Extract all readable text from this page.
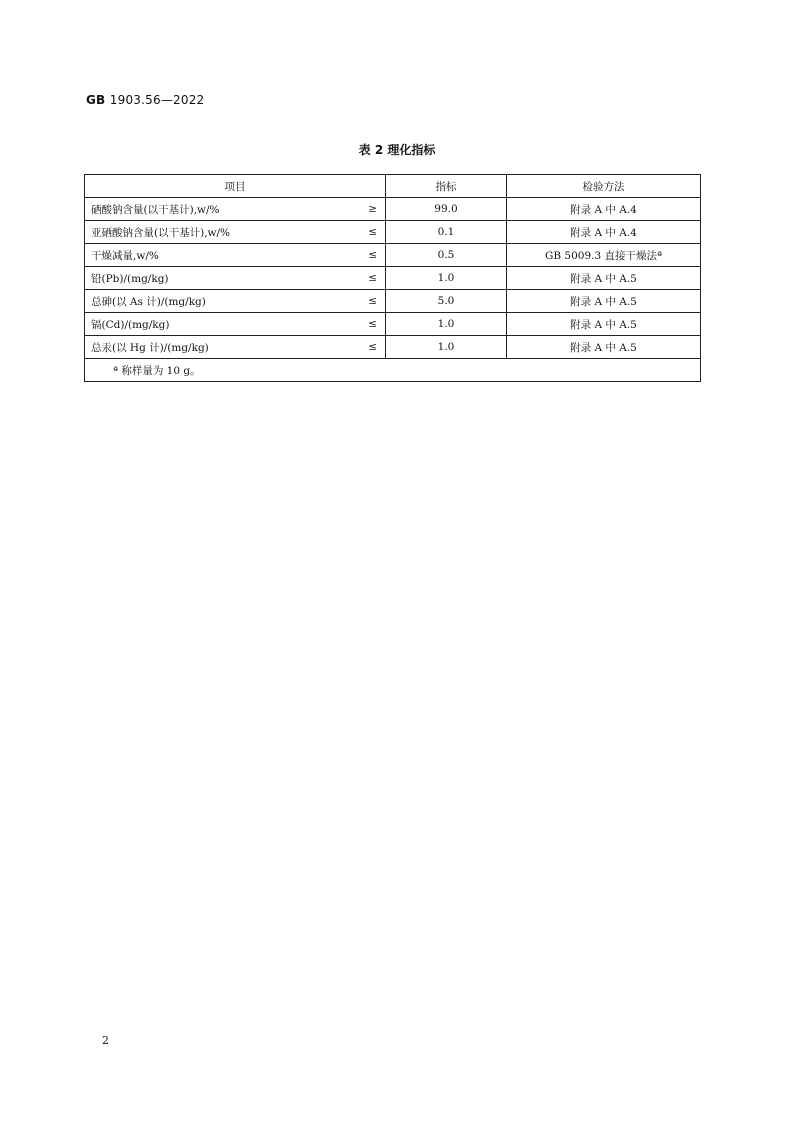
GB 1903.56—2022
表 2 理化指标
项目	指标	检验方法

硒酸钠含量(以干基计),w/% ≥	99.0	附录 A 中 A.4

亚硒酸钠含量(以干基计),w/% ≤	0.1	附录 A 中 A.4

干燥减量,w/% ≤	0.5	GB 5009.3 直接干燥法ª

铅(Pb)/(mg/kg) ≤	1.0	附录 A 中 A.5

总砷(以 As 计)/(mg/kg) ≤	5.0	附录 A 中 A.5

镉(Cd)/(mg/kg) ≤	1.0	附录 A 中 A.5

总汞(以 Hg 计)/(mg/kg) ≤	1.0	附录 A 中 A.5
ª 称样量为 10 g。		
2
